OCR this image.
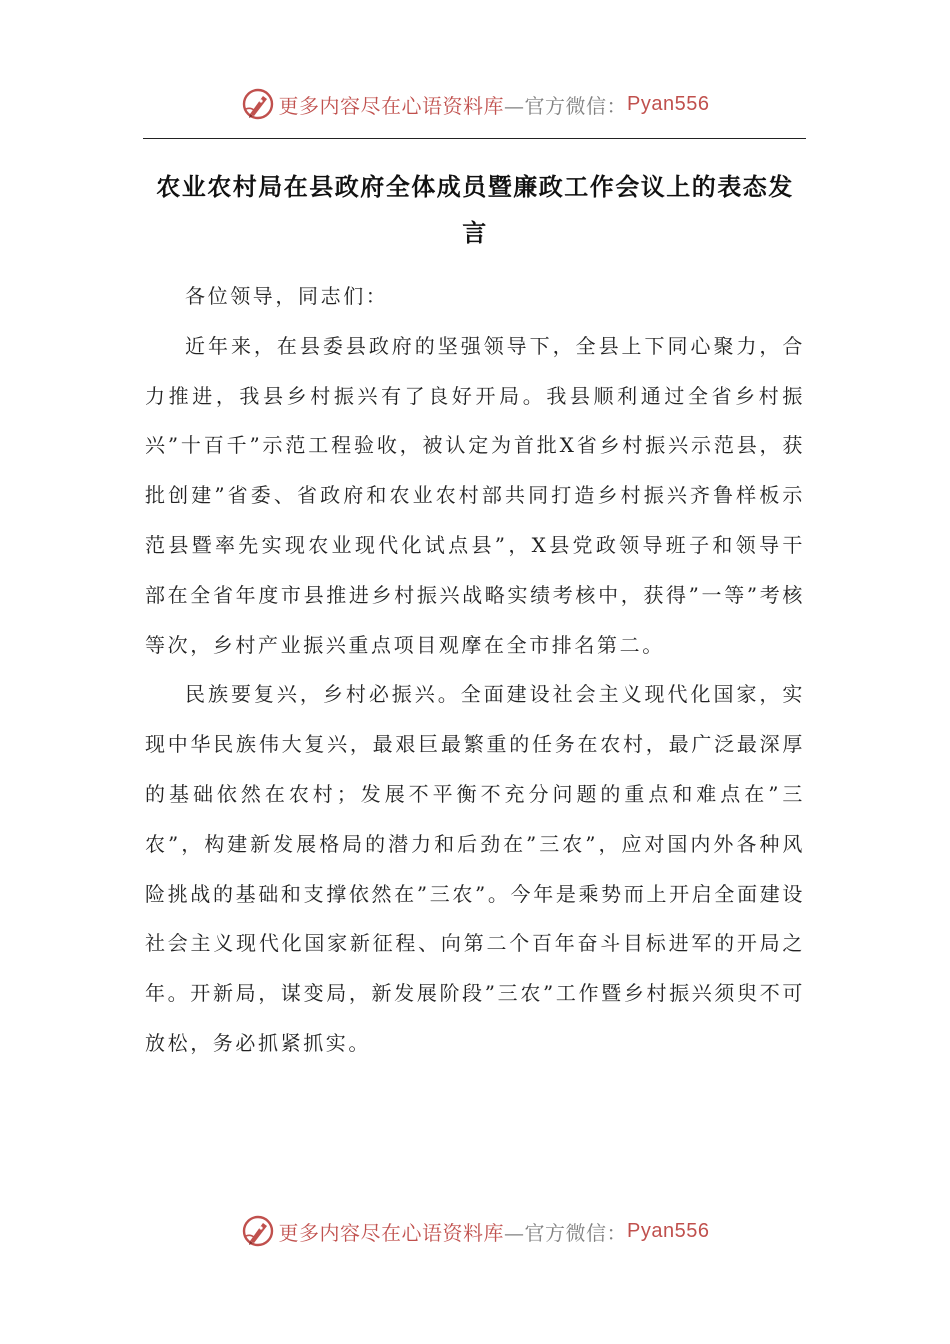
更多内容尽在心语资料库 —官方微信： Pyan556
农业农村局在县政府全体成员暨廉政工作会议上的表态发言

各位领导，同志们：

近年来，在县委县政府的坚强领导下，全县上下同心聚力，合力推进，我县乡村振兴有了良好开局。我县顺利通过全省乡村振兴”十百千”示范工程验收，被认定为首批X省乡村振兴示范县，获批创建”省委、省政府和农业农村部共同打造乡村振兴齐鲁样板示范县暨率先实现农业现代化试点县”，X县党政领导班子和领导干部在全省年度市县推进乡村振兴战略实绩考核中，获得”一等”考核等次，乡村产业振兴重点项目观摩在全市排名第二。

民族要复兴，乡村必振兴。全面建设社会主义现代化国家，实现中华民族伟大复兴，最艰巨最繁重的任务在农村，最广泛最深厚的基础依然在农村；发展不平衡不充分问题的重点和难点在”三农”，构建新发展格局的潜力和后劲在”三农”，应对国内外各种风险挑战的基础和支撑依然在”三农”。今年是乘势而上开启全面建设社会主义现代化国家新征程、向第二个百年奋斗目标进军的开局之年。开新局，谋变局，新发展阶段”三农”工作暨乡村振兴须臾不可放松，务必抓紧抓实。

更多内容尽在心语资料库 —官方微信： Pyan556
